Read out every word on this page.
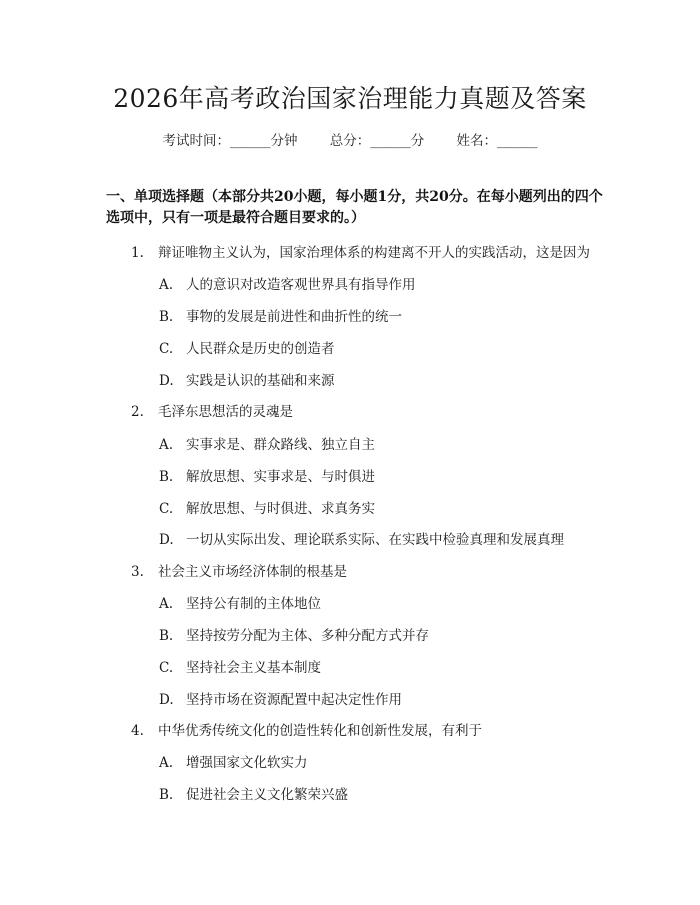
2026年高考政治国家治理能力真题及答案
考试时间：______分钟 总分：______分 姓名：______
一、单项选择题（本部分共20小题，每小题1分，共20分。在每小题列出的四个选项中，只有一项是最符合题目要求的。）
1. 辩证唯物主义认为，国家治理体系的构建离不开人的实践活动，这是因为
A. 人的意识对改造客观世界具有指导作用
B. 事物的发展是前进性和曲折性的统一
C. 人民群众是历史的创造者
D. 实践是认识的基础和来源
2. 毛泽东思想活的灵魂是
A. 实事求是、群众路线、独立自主
B. 解放思想、实事求是、与时俱进
C. 解放思想、与时俱进、求真务实
D. 一切从实际出发、理论联系实际、在实践中检验真理和发展真理
3. 社会主义市场经济体制的根基是
A. 坚持公有制的主体地位
B. 坚持按劳分配为主体、多种分配方式并存
C. 坚持社会主义基本制度
D. 坚持市场在资源配置中起决定性作用
4. 中华优秀传统文化的创造性转化和创新性发展，有利于
A. 增强国家文化软实力
B. 促进社会主义文化繁荣兴盛
